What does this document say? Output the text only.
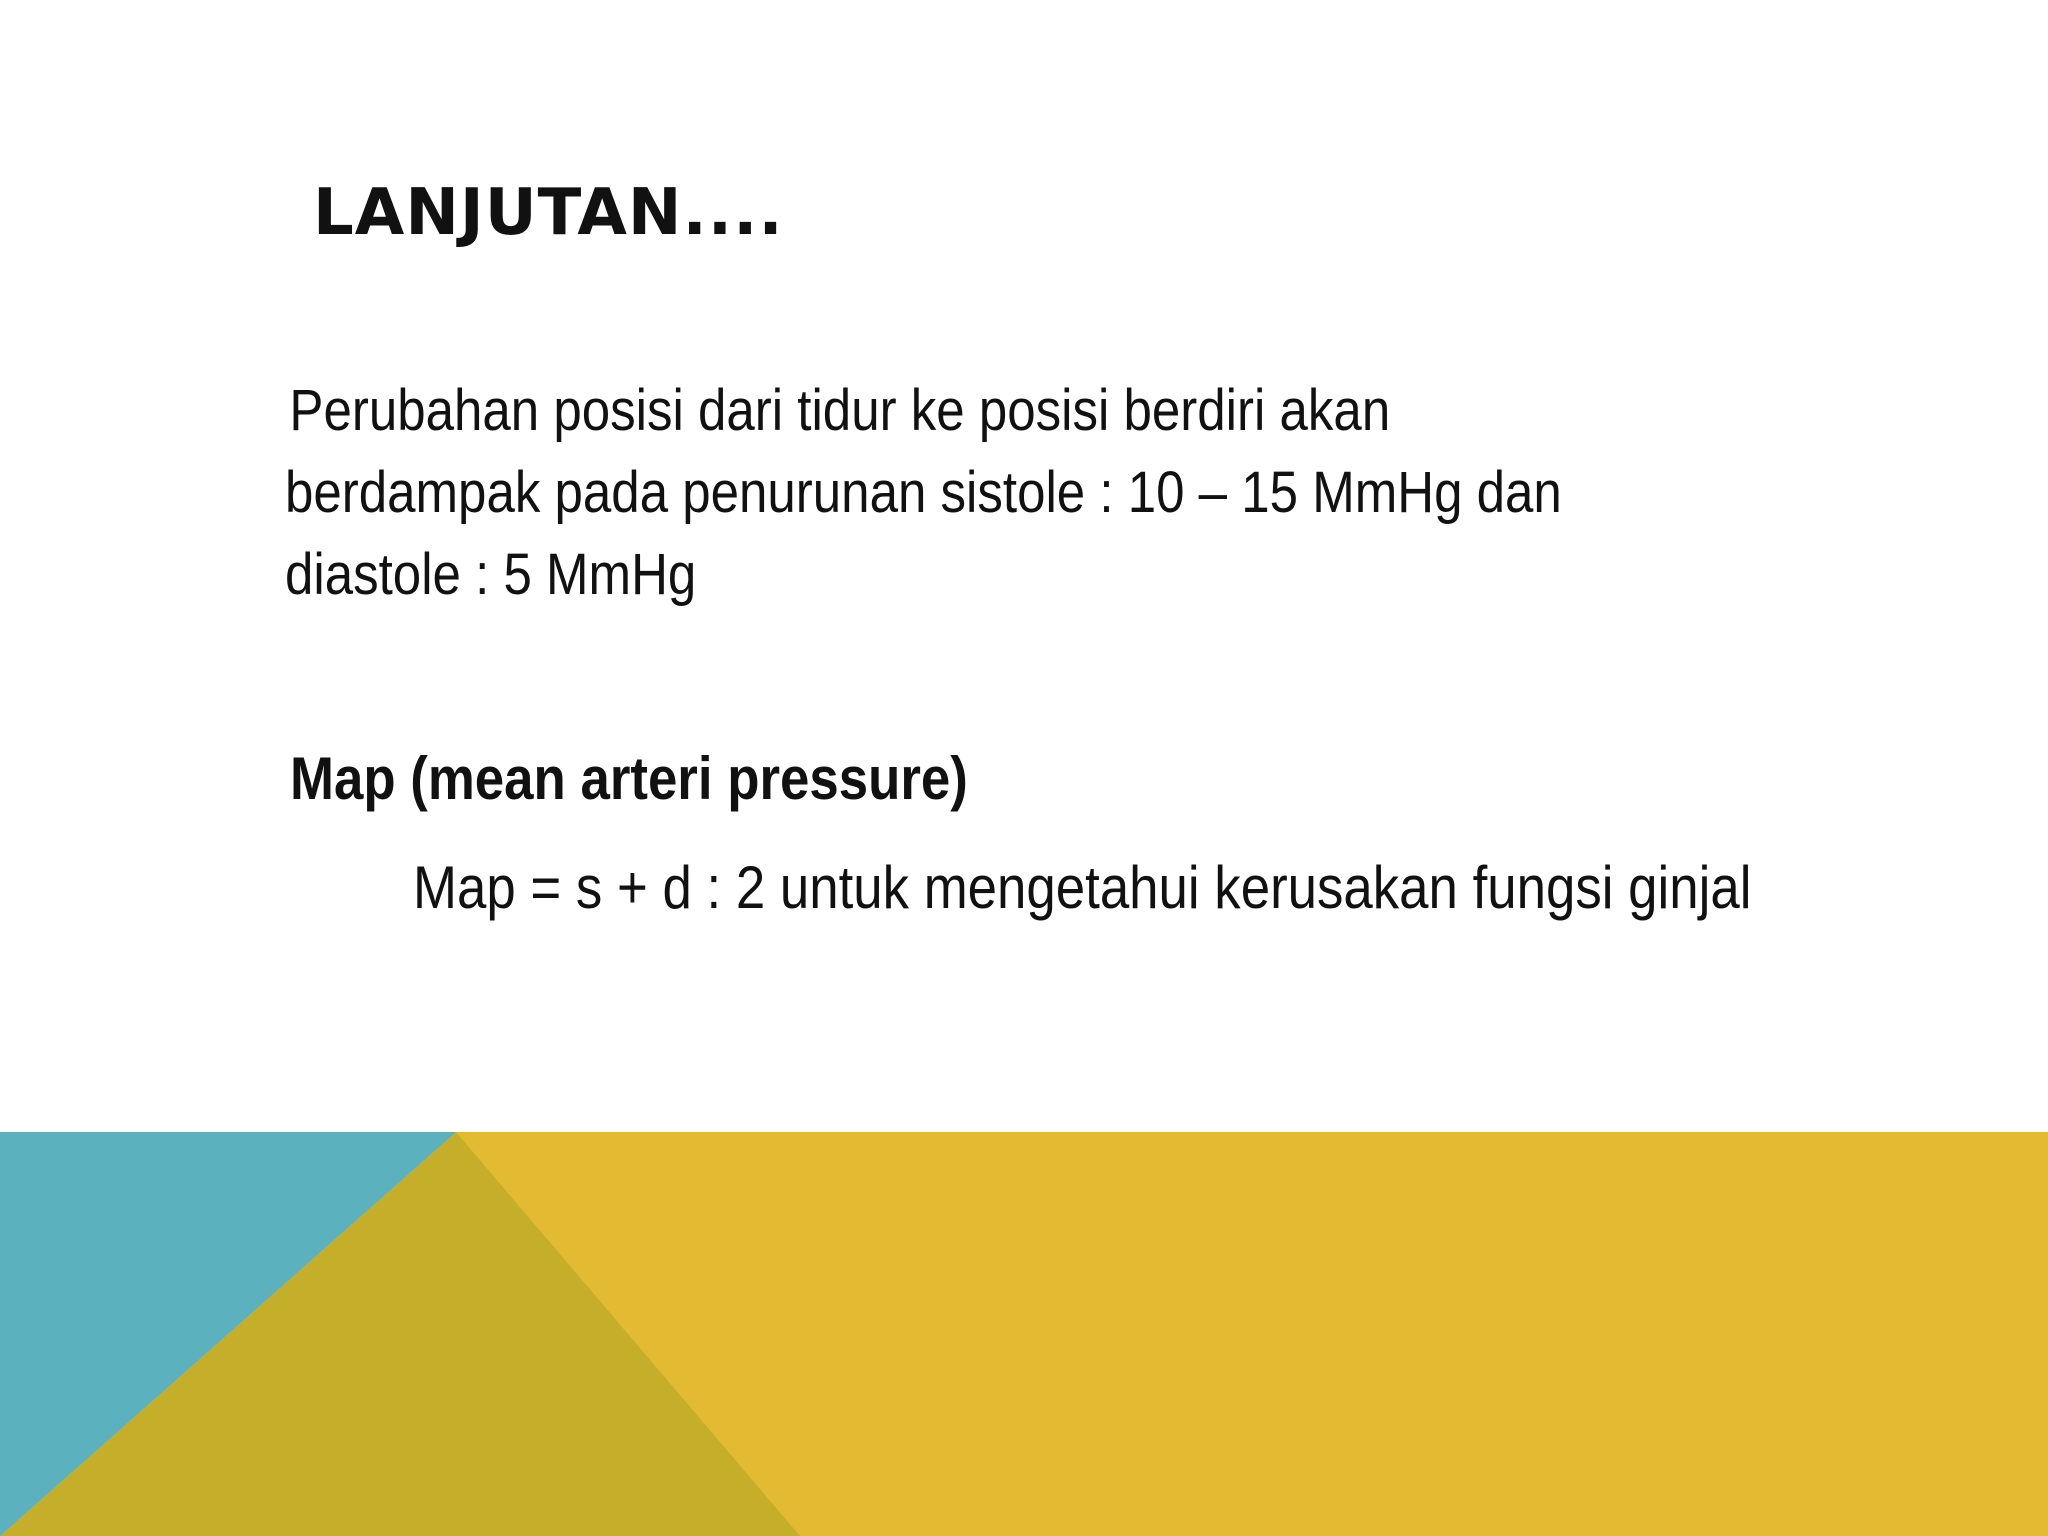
LANJUTAN....

Perubahan posisi dari tidur ke posisi berdiri akan berdampak pada penurunan sistole : 10 – 15 MmHg dan diastole : 5 MmHg

Map (mean arteri pressure)

Map = s + d : 2 untuk mengetahui kerusakan fungsi ginjal
